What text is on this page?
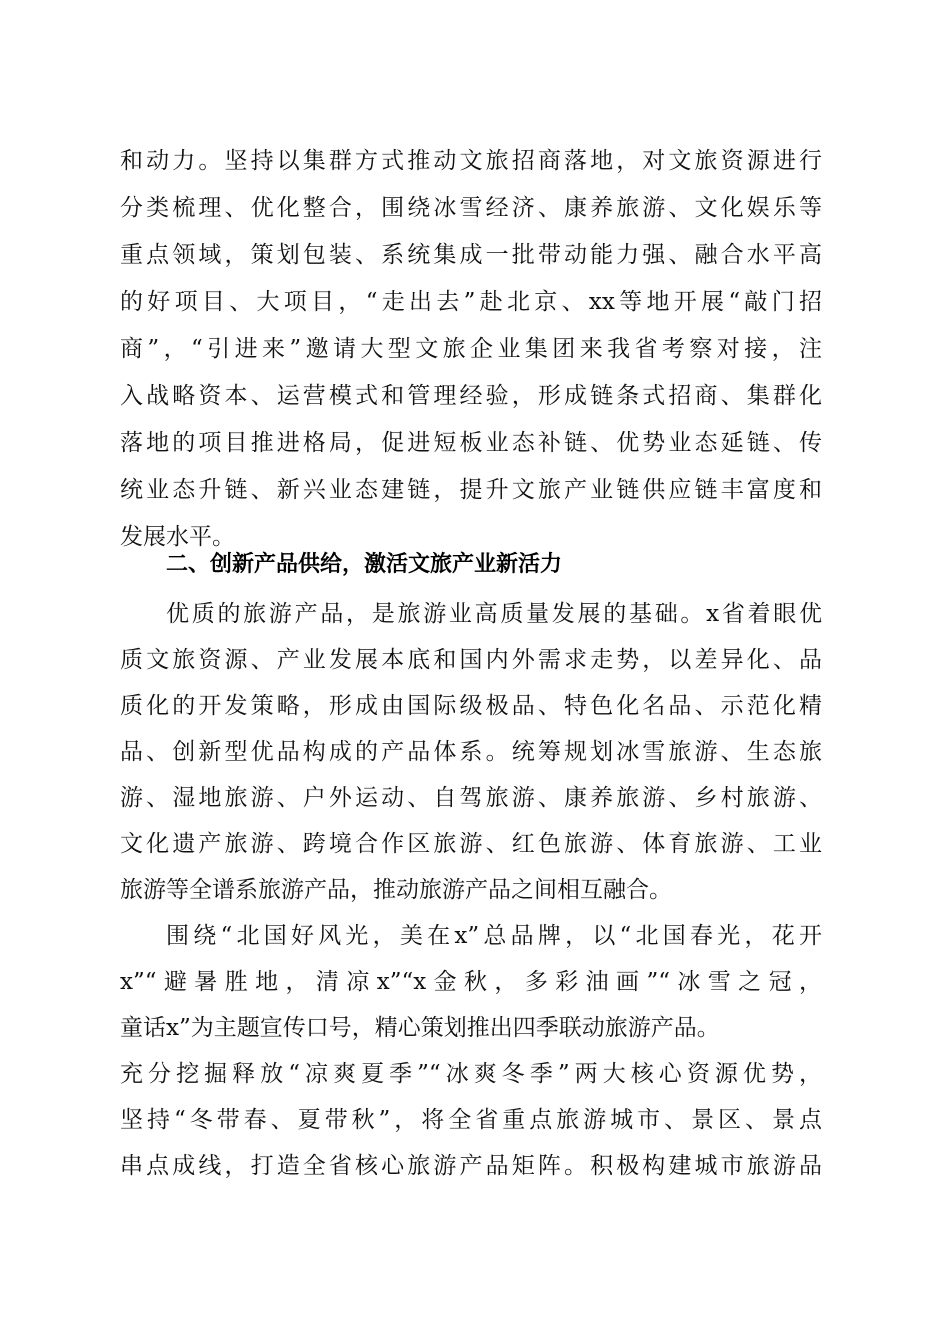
和动力。坚持以集群方式推动文旅招商落地，对文旅资源进行
分类梳理、优化整合，围绕冰雪经济、康养旅游、文化娱乐等
重点领域，策划包装、系统集成一批带动能力强、融合水平高
的好项目、大项目，“走出去”赴北京、xx等地开展“敲门招
商”，“引进来”邀请大型文旅企业集团来我省考察对接，注
入战略资本、运营模式和管理经验，形成链条式招商、集群化
落地的项目推进格局，促进短板业态补链、优势业态延链、传
统业态升链、新兴业态建链，提升文旅产业链供应链丰富度和
发展水平。
二、创新产品供给，激活文旅产业新活力
优质的旅游产品，是旅游业高质量发展的基础。x省着眼优
质文旅资源、产业发展本底和国内外需求走势，以差异化、品
质化的开发策略，形成由国际级极品、特色化名品、示范化精
品、创新型优品构成的产品体系。统筹规划冰雪旅游、生态旅
游、湿地旅游、户外运动、自驾旅游、康养旅游、乡村旅游、
文化遗产旅游、跨境合作区旅游、红色旅游、体育旅游、工业
旅游等全谱系旅游产品，推动旅游产品之间相互融合。
围绕“北国好风光，美在x”总品牌，以“北国春光，花开
x”“避暑胜地，清凉x”“x金秋，多彩油画”“冰雪之冠，
童话x”为主题宣传口号，精心策划推出四季联动旅游产品。
充分挖掘释放“凉爽夏季”“冰爽冬季”两大核心资源优势，
坚持“冬带春、夏带秋”，将全省重点旅游城市、景区、景点
串点成线，打造全省核心旅游产品矩阵。积极构建城市旅游品
